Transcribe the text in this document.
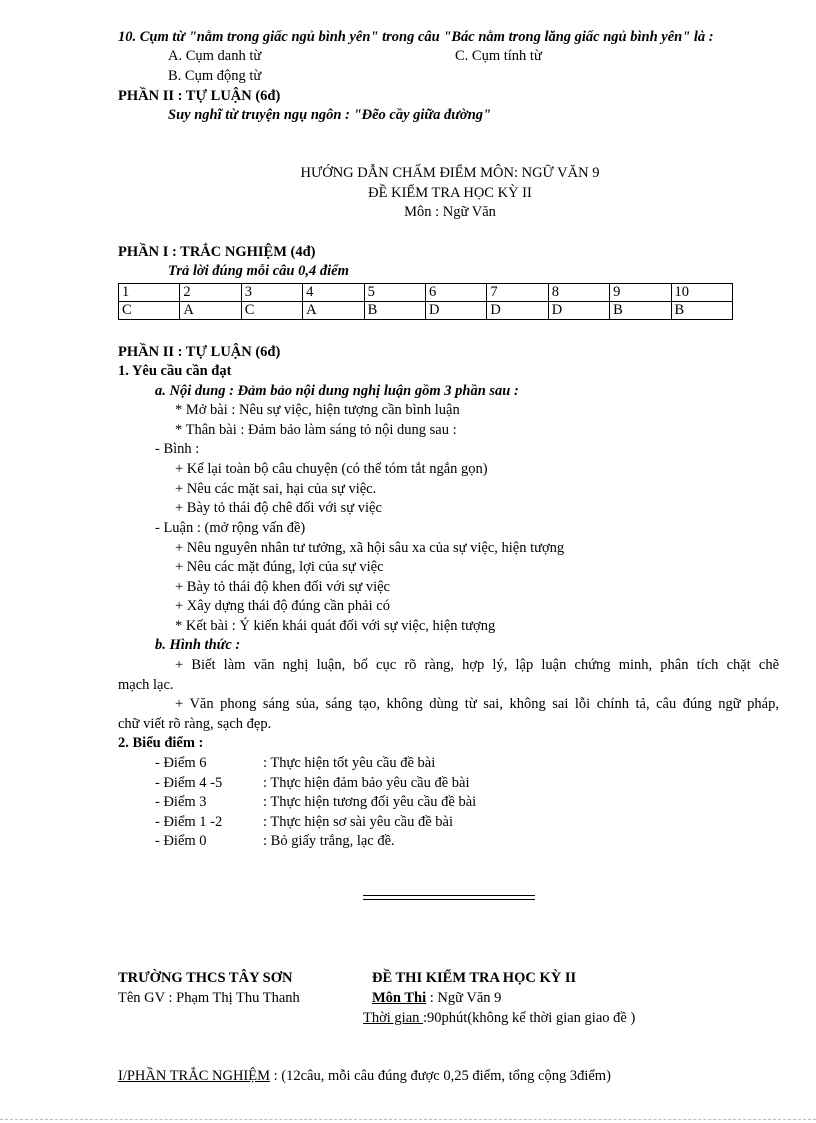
10. Cụm từ "nằm trong giấc ngủ bình yên" trong câu "Bác nằm trong lăng giấc ngủ bình yên" là :
A. Cụm danh từ	C. Cụm tính từ
B. Cụm động từ
PHẦN II : TỰ LUẬN (6đ)
Suy nghĩ từ truyện ngụ ngôn : "Đẽo cầy giữa đường"
HƯỚNG DẪN CHẤM ĐIỂM MÔN: NGỮ VĂN 9
ĐỀ KIỂM TRA HỌC KỲ II
Môn : Ngữ Văn
PHẦN I : TRẮC NGHIỆM (4đ)
Trả lời đúng mỗi câu 0,4 điểm
1	2	3	4	5	6	7	8	9	10
C	A	C	A	B	D	D	D	B	B
PHẦN II : TỰ LUẬN (6đ)
1. Yêu cầu cần đạt
a. Nội dung : Đảm bảo nội dung nghị luận gồm 3 phần sau :
* Mở bài : Nêu sự việc, hiện tượng cần bình luận
* Thân bài : Đảm bảo làm sáng tỏ nội dung sau :
- Bình :
+ Kể lại toàn bộ câu chuyện (có thể tóm tắt ngắn gọn)
+ Nêu các mặt sai, hại của sự việc.
+ Bày tỏ thái độ chê đối với sự việc
- Luận : (mở rộng vấn đề)
+ Nêu nguyên nhân tư tưởng, xã hội sâu xa của sự việc, hiện tượng
+ Nêu các mặt đúng, lợi của sự việc
+ Bày tỏ thái độ khen đối với sự việc
+ Xây dựng thái độ đúng cần phải có
* Kết bài : Ý kiến khái quát đối với sự việc, hiện tượng
b. Hình thức :
+ Biết làm văn nghị luận, bố cục rõ ràng, hợp lý, lập luận chứng minh, phân tích chặt chẽ
mạch lạc.
+ Văn phong sáng sủa, sáng tạo, không dùng từ sai, không sai lỗi chính tả, câu đúng ngữ pháp,
chữ viết rõ ràng, sạch đẹp.
2. Biểu điểm :
- Điểm 6	: Thực hiện tốt yêu cầu đề bài
- Điểm 4 -5	: Thực hiện đảm bảo yêu cầu đề bài
- Điểm 3	: Thực hiện tương đối yêu cầu đề bài
- Điểm 1 -2	: Thực hiện sơ sài yêu cầu đề bài
- Điểm 0	: Bỏ giấy trắng, lạc đề.
TRƯỜNG THCS TÂY SƠN	ĐỀ THI KIỂM TRA HỌC KỲ II
Tên GV : Phạm Thị Thu Thanh	Môn Thi : Ngữ Văn 9
Thời gian :90phút(không kể thời gian giao đề )
I/PHẦN TRẮC NGHIỆM : (12câu, mỗi câu đúng được 0,25 điểm, tổng cộng 3điểm)
